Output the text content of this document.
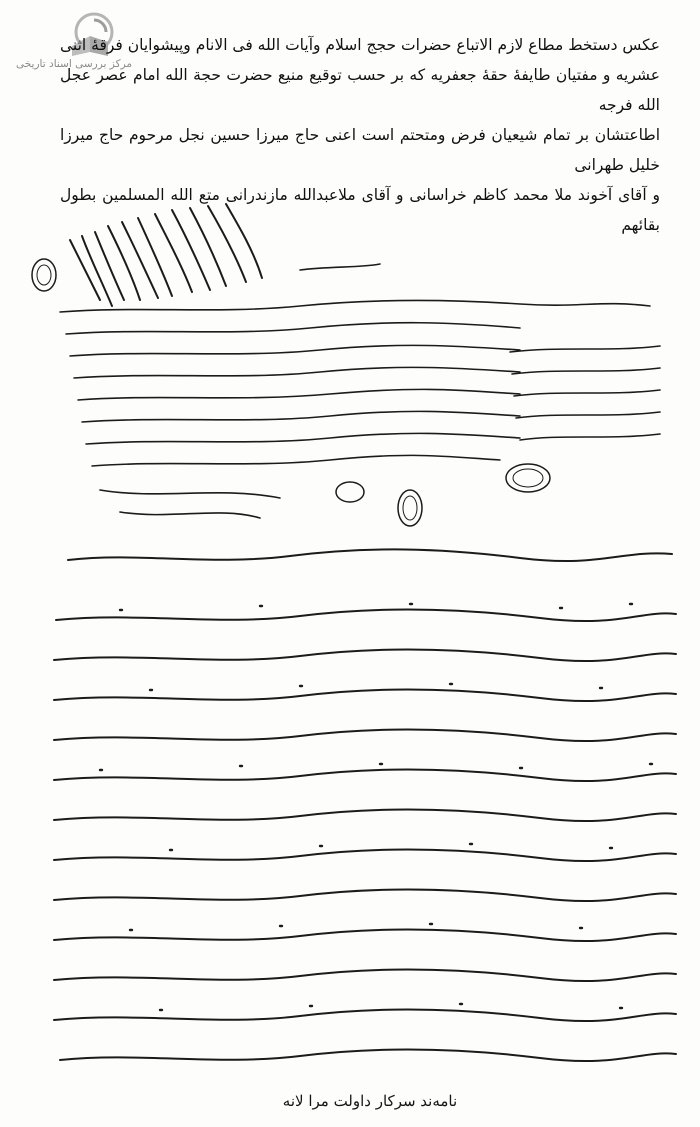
مرکز بررسی اسناد تاریخی

عکس دستخط مطاع لازم الاتباع حضرات حجج اسلام وآیات الله فی الانام وپیشوایان فرقهٔ اثنی

عشریه و مفتیان طایفهٔ حقهٔ جعفریه که بر حسب توقیع منیع حضرت حجة الله امام عصر عجل الله فرجه

اطاعتشان بر تمام شیعیان فرض ومتحتم است اعنی حاج میرزا حسین نجل مرحوم حاج میرزا خلیل طهرانی

و آقای آخوند ملا محمد کاظم خراسانی و آقای ملاعبدالله مازندرانی متع الله المسلمین بطول بقائهم

نامه‌ند سرکار داولت مرا لانه
